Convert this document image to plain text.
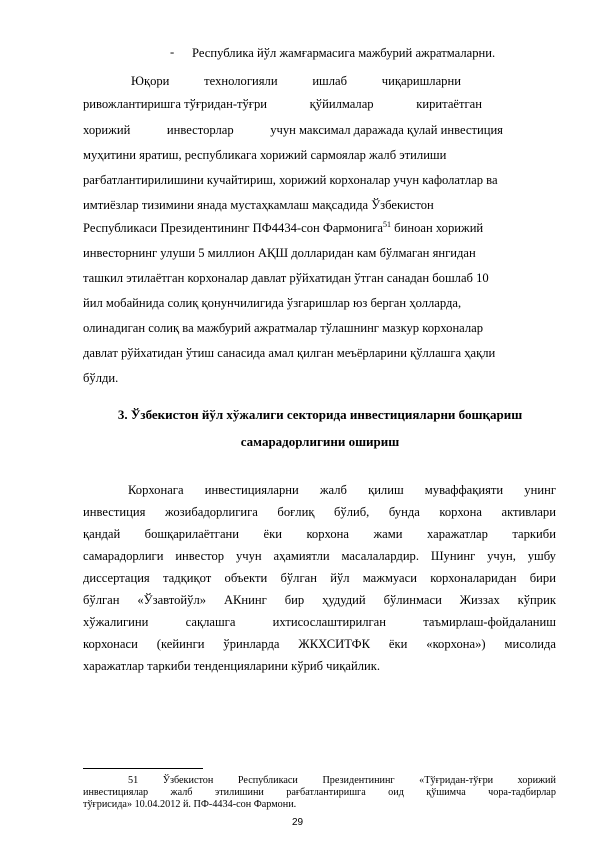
- Республика йўл жамғармасига мажбурий ажратмаларни.
Юқори	технологияли	ишлаб	чиқаришларни
ривожлантиришга тўғридан-тўғри	қўйилмалар	киритаётган
хорижий	инвесторлар	учун максимал даражада қулай инвестиция
муҳитини яратиш, республикага хорижий сармоялар жалб этилиши
рағбатлантирилишини кучайтириш, хорижий корхоналар учун кафолатлар ва
имтиёзлар тизимини янада мустаҳкамлаш мақсадида Ўзбекистон
Республикаси Президентининг ПФ4434-сон Фармонига$^{51}$ биноан хорижий
инвесторнинг улуши 5 миллион АҚШ долларидан кам бўлмаган янгидан
ташкил этилаётган корхоналар давлат рўйхатидан ўтган санадан бошлаб 10
йил мобайнида солиқ қонунчилигида ўзгаришлар юз берган ҳолларда,
олинадиган солиқ ва мажбурий ажратмалар тўлашнинг мазкур корхоналар
давлат рўйхатидан ўтиш санасида амал қилган меъёрларини қўллашга ҳақли
бўлди.
3. Ўзбекистон йўл хўжалиги секторида инвестицияларни бошқариш
самарадорлигини ошириш
Корхонага инвестицияларни жалб қилиш муваффақияти унинг
инвестиция жозибадорлигига боғлиқ бўлиб, бунда корхона активлари
қандай бошқарилаётгани ёки корхона жами харажатлар таркиби
самарадорлиги инвестор учун аҳамиятли масалалардир. Шунинг учун, ушбу
диссертация тадқиқот объекти бўлган йўл мажмуаси корхоналаридан бири
бўлган «Ўзавтойўл» АКнинг бир ҳудудий бўлинмаси Жиззах кўприк
хўжалигини	сақлашга	ихтисослаштирилган	таъмирлаш-фойдаланиш
корхонаси (кейинги ўринларда ЖКХСИТФК ёки «корхона») мисолида
харажатлар таркиби тенденцияларини кўриб чиқайлик.
51 Ўзбекистон Республикаси Президентининг «Тўғридан-тўғри хорижий
инвестициялар жалб этилишини рағбатлантиришга оид қўшимча чора-тадбирлар
тўғрисида» 10.04.2012 й. ПФ-4434-сон Фармони.
29
